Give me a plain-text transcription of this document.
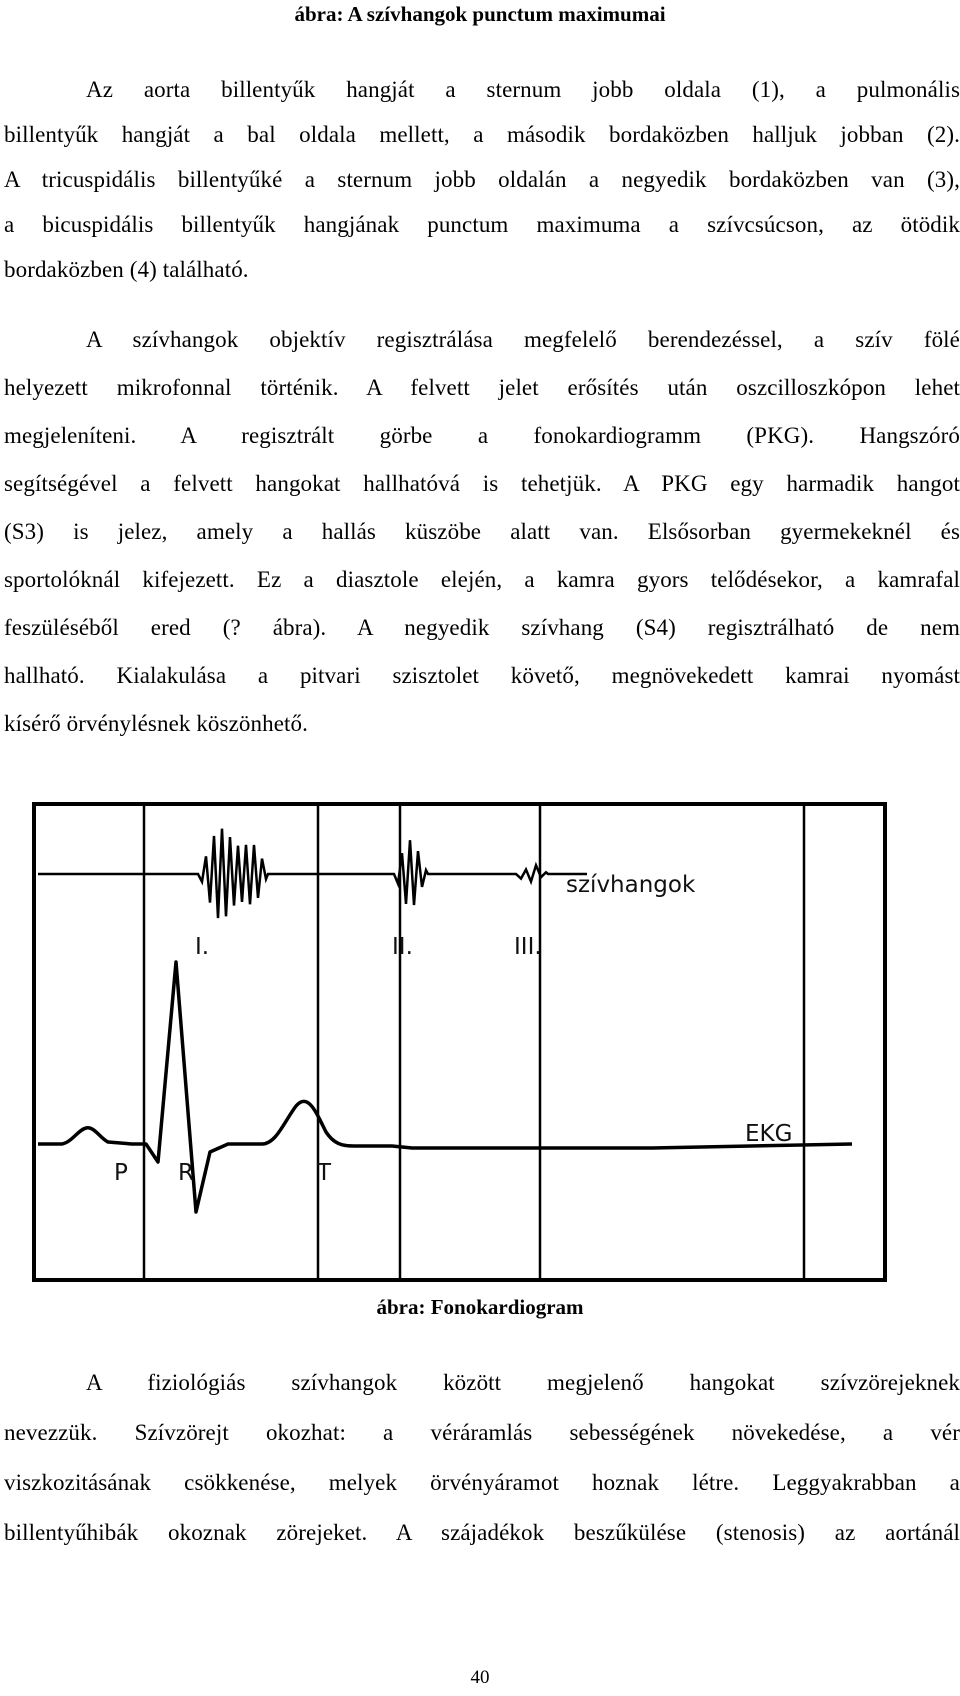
ábra: A szívhangok punctum maximumai
Az aorta billentyűk hangját a sternum jobb oldala (1), a pulmonális
billentyűk hangját a bal oldala mellett, a második bordaközben halljuk jobban (2).
A tricuspidális billentyűké a sternum jobb oldalán a negyedik bordaközben van (3),
a bicuspidális billentyűk hangjának punctum maximuma a szívcsúcson, az ötödik
bordaközben (4) található.
A szívhangok objektív regisztrálása megfelelő berendezéssel, a szív fölé
helyezett mikrofonnal történik. A felvett jelet erősítés után oszcilloszkópon lehet
megjeleníteni. A regisztrált görbe a fonokardiogramm (PKG). Hangszóró
segítségével a felvett hangokat hallhatóvá is tehetjük. A PKG egy harmadik hangot
(S3) is jelez, amely a hallás küszöbe alatt van. Elsősorban gyermekeknél és
sportolóknál kifejezett. Ez a diasztole elején, a kamra gyors telődésekor, a kamrafal
feszüléséből ered (? ábra). A negyedik szívhang (S4) regisztrálható de nem
hallható. Kialakulása a pitvari szisztolet követő, megnövekedett kamrai nyomást
kísérő örvénylésnek köszönhető.
szívhangok
I.	II.	III.
EKG
P R	T
ábra: Fonokardiogram
A fiziológiás szívhangok között megjelenő hangokat szívzörejeknek
nevezzük. Szívzörejt okozhat: a véráramlás sebességének növekedése, a vér
viszkozitásának csökkenése, melyek örvényáramot hoznak létre. Leggyakrabban a
billentyűhibák okoznak zörejeket. A szájadékok beszűkülése (stenosis) az aortánál
40
